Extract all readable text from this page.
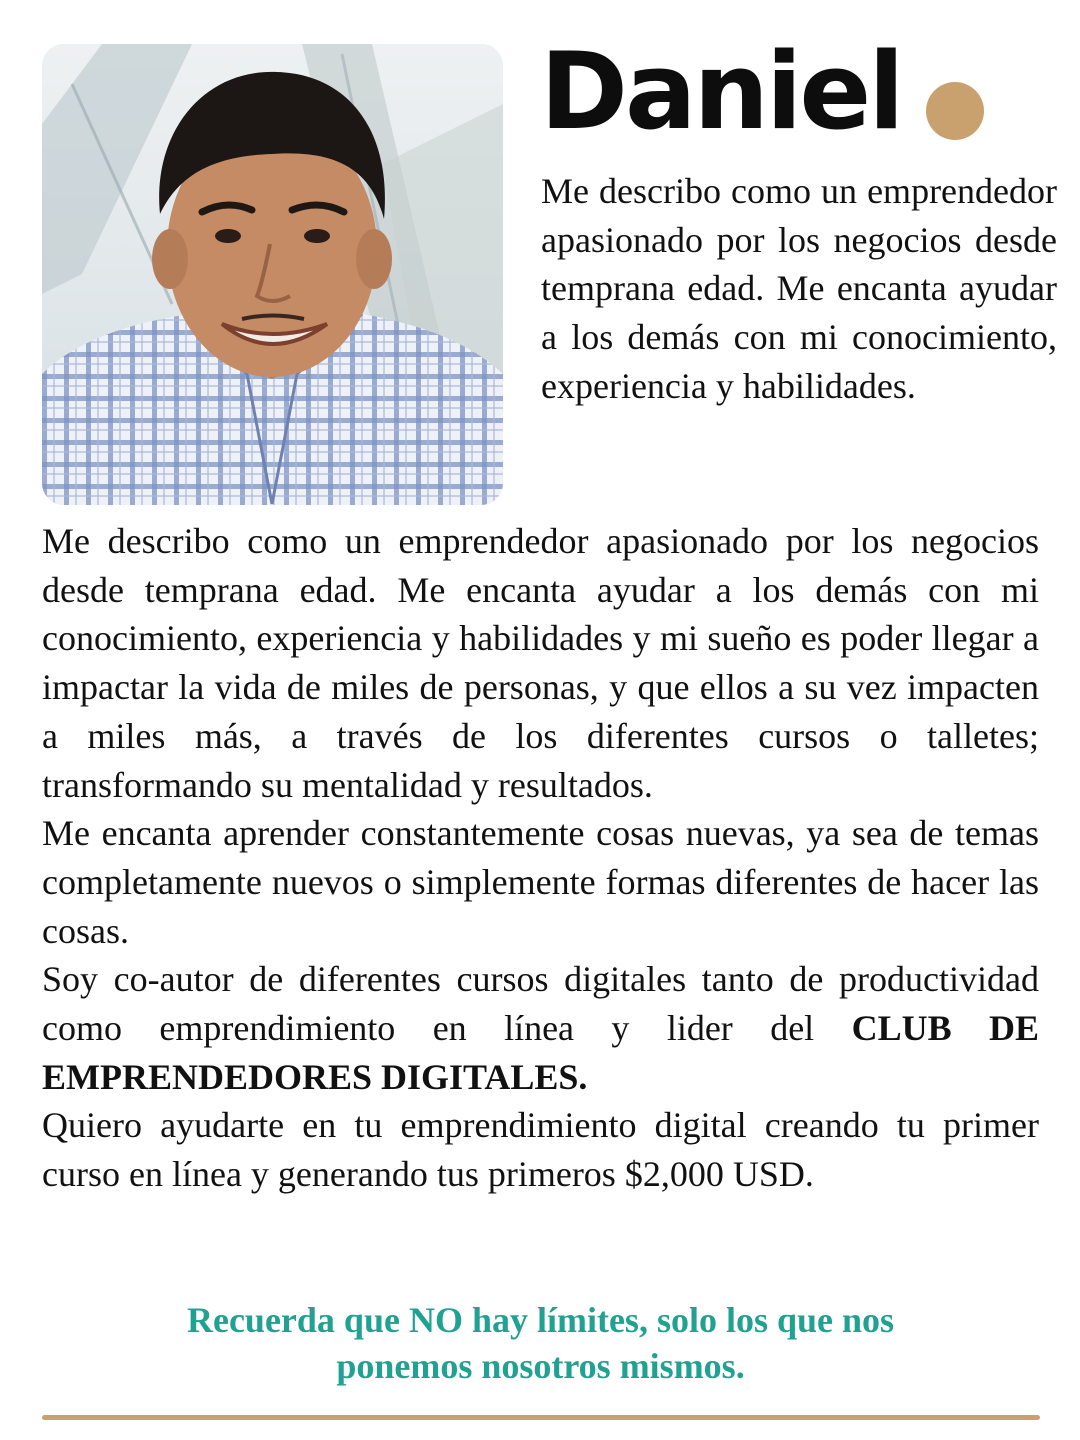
Daniel

Me describo como un emprendedor apasionado por los negocios desde temprana edad. Me encanta ayudar a los demás con mi conocimiento, experiencia y habilidades.

Me describo como un emprendedor apasionado por los negocios desde temprana edad. Me encanta ayudar a los demás con mi conocimiento, experiencia y habilidades y mi sueño es poder llegar a impactar la vida de miles de personas, y que ellos a su vez impacten a miles más, a través de los diferentes cursos o talletes; transformando su mentalidad y resultados.

Me encanta aprender constantemente cosas nuevas, ya sea de temas completamente nuevos o simplemente formas diferentes de hacer las cosas.

Soy co-autor de diferentes cursos digitales tanto de productividad como emprendimiento en línea y lider del CLUB DE EMPRENDEDORES DIGITALES.

Quiero ayudarte en tu emprendimiento digital creando tu primer curso en línea y generando tus primeros $2,000 USD.

Recuerda que NO hay límites, solo los que nos
ponemos nosotros mismos.
